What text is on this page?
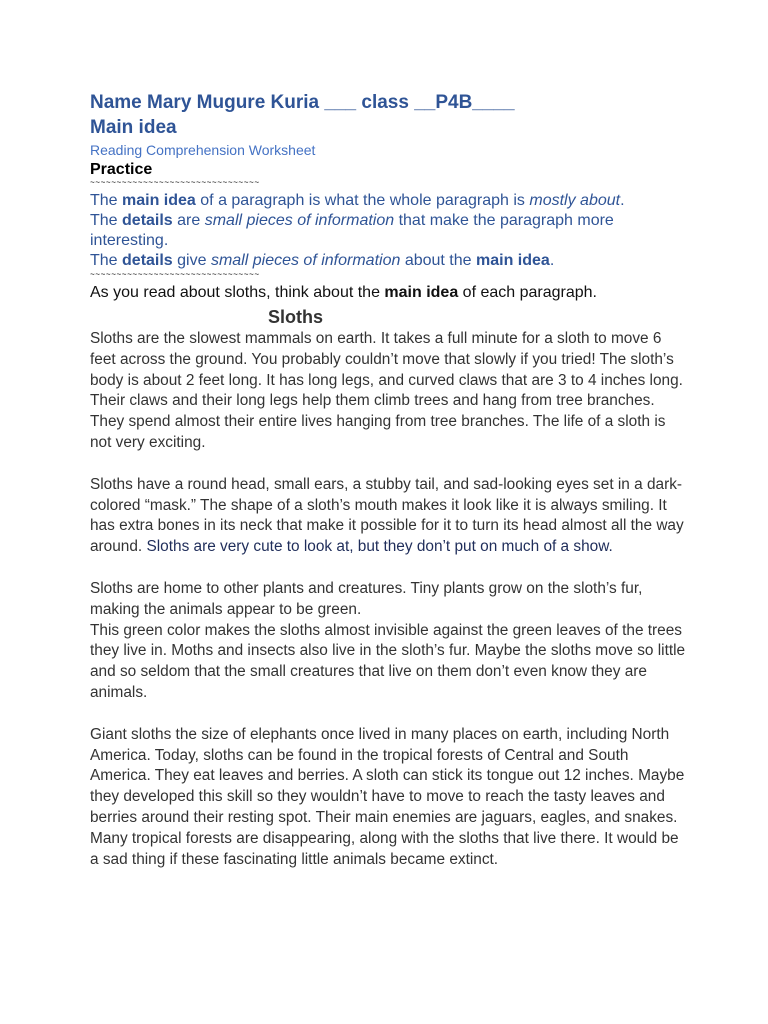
Name Mary Mugure Kuria ___ class __P4B____
Main idea
Reading Comprehension Worksheet
Practice
~~~~~~~~~~~~~~~~~~~~~~~~~~~~~~~~
The main idea of a paragraph is what the whole paragraph is mostly about.
The details are small pieces of information that make the paragraph more interesting.
The details give small pieces of information about the main idea.
~~~~~~~~~~~~~~~~~~~~~~~~~~~~~~~~
As you read about sloths, think about the main idea of each paragraph.
Sloths

Sloths are the slowest mammals on earth. It takes a full minute for a sloth to move 6 feet across the ground. You probably couldn’t move that slowly if you tried! The sloth’s body is about 2 feet long. It has long legs, and curved claws that are 3 to 4 inches long. Their claws and their long legs help them climb trees and hang from tree branches. They spend almost their entire lives hanging from tree branches. The life of a sloth is not very exciting.

Sloths have a round head, small ears, a stubby tail, and sad-looking eyes set in a dark-colored “mask.” The shape of a sloth’s mouth makes it look like it is always smiling. It has extra bones in its neck that make it possible for it to turn its head almost all the way around. Sloths are very cute to look at, but they don’t put on much of a show.

Sloths are home to other plants and creatures. Tiny plants grow on the sloth’s fur, making the animals appear to be green.

This green color makes the sloths almost invisible against the green leaves of the trees they live in. Moths and insects also live in the sloth’s fur. Maybe the sloths move so little and so seldom that the small creatures that live on them don’t even know they are animals.

Giant sloths the size of elephants once lived in many places on earth, including North America. Today, sloths can be found in the tropical forests of Central and South America. They eat leaves and berries. A sloth can stick its tongue out 12 inches. Maybe they developed this skill so they wouldn’t have to move to reach the tasty leaves and berries around their resting spot. Their main enemies are jaguars, eagles, and snakes. Many tropical forests are disappearing, along with the sloths that live there. It would be a sad thing if these fascinating little animals became extinct.
